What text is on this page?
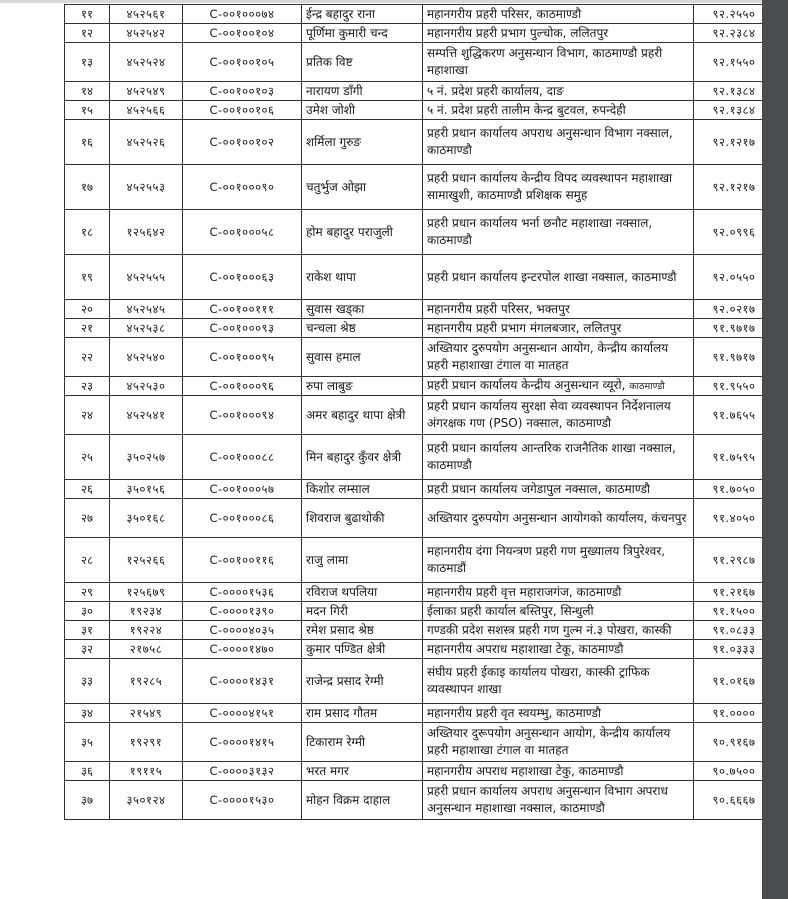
११	४५२५६१	C-००१०००७४	ईन्द्र बहादुर राना	महानगरीय प्रहरी परिसर, काठमाण्डौ	९२.२५५०
१२	४५२५४२	C-००१००१०४	पूर्णिमा कुमारी चन्द	महानगरीय प्रहरी प्रभाग पुल्चोक, ललितपुर	९२.२३८४
१३	४५२५२४	C-००१००१०५	प्रतिक विष्ट	सम्पत्ति शुद्धिकरण अनुसन्धान विभाग, काठमाण्डौ प्रहरी महाशाखा	९२.१५५०
१४	४५२५४९	C-००१००१०३	नारायण डाँगी	५ नं. प्रदेश प्रहरी कार्यालय, दाङ	९२.१३८४
१५	४५२५६६	C-००१००१०६	उमेश जोशी	५ नं. प्रदेश प्रहरी तालीम केन्द्र बुटवल, रुपन्देही	९२.१३८४
१६	४५२५२६	C-००१००१०२	शर्मिला गुरुङ	प्रहरी प्रधान कार्यालय अपराध अनुसन्धान विभाग नक्साल, काठमाण्डौ	९२.१२१७
१७	४५२५५३	C-००१०००९०	चतुर्भुज ओझा	प्रहरी प्रधान कार्यालय केन्द्रीय विपद व्यवस्थापन महाशाखा सामाखुशी, काठमाण्डौ प्रशिक्षक समुह	९२.१२१७
१८	१२५६४२	C-००१०००५८	होम बहादुर पराजुली	प्रहरी प्रधान कार्यालय भर्ना छनौट महाशाखा नक्साल, काठमाण्डौ	९२.०९९६
१९	४५२५५५	C-००१०००६३	राकेश थापा	प्रहरी प्रधान कार्यालय इन्टरपोल शाखा नक्साल, काठमाण्डौ	९२.०५५०
२०	४५२५४५	C-००१००१११	सुवास खड्का	महानगरीय प्रहरी परिसर, भक्तपुर	९२.०२१७
२१	४५२५३८	C-००१०००९३	चन्चला श्रेष्ठ	महानगरीय प्रहरी प्रभाग मंगलबजार, ललितपुर	९१.९७१७
२२	४५२५४०	C-००१०००९५	सुवास हमाल	अख्तियार दुरुपयोग अनुसन्धान आयोग, केन्द्रीय कार्यालय प्रहरी महाशाखा टंगाल वा मातहत	९१.९७१७
२३	४५२५३०	C-००१०००९६	रुपा लाबुङ	प्रहरी प्रधान कार्यालय केन्द्रीय अनुसन्धान व्यूरो, काठमाण्डौ	९१.९५५०
२४	४५२५४१	C-००१०००९४	अमर बहादुर थापा क्षेत्री	प्रहरी प्रधान कार्यालय सुरक्षा सेवा व्यवस्थापन निर्देशनालय अंगरक्षक गण (PSO) नक्साल, काठमाण्डौ	९१.७६५५
२५	३५०२५७	C-००१०००८८	मिन बहादुर कुँवर क्षेत्री	प्रहरी प्रधान कार्यालय आन्तरिक राजनैतिक शाखा नक्साल, काठमाण्डौ	९१.७५९५
२६	३५०१५६	C-००१०००५७	किशोर लम्साल	प्रहरी प्रधान कार्यालय जगेडापुल नक्साल, काठमाण्डौ	९१.७०५०
२७	३५०१६८	C-००१०००८६	शिवराज बुढाथोकी	अख्तियार दुरुपयोग अनुसन्धान आयोगको कार्यालय, कंचनपुर	९१.४०५०
२८	१२५२६६	C-००१००११६	राजु लामा	महानगरीय दंगा नियन्त्रण प्रहरी गण मुख्यालय त्रिपुरेश्वर, काठमाडौं	९१.२९८७
२९	१२५६७९	C-००००१५३६	रविराज थपलिया	महानगरीय प्रहरी वृत्त महाराजगंज, काठमाण्डौ	९१.२१६७
३०	१९२३४	C-००००१३९०	मदन गिरी	ईलाका प्रहरी कार्याल बस्तिपुर, सिन्धुली	९१.१५००
३१	१९२२४	C-००००४०३५	रमेश प्रसाद श्रेष्ठ	गण्डकी प्रदेश सशस्त्र प्रहरी गण गुल्म नं.३ पोखरा, कास्की	९१.०८३३
३२	२१७५८	C-००००१४७०	कुमार पण्डित क्षेत्री	महानगरीय अपराध महाशाखा टेकू, काठमाण्डौ	९१.०३३३
३३	१९२८५	C-००००१४३१	राजेन्द्र प्रसाद रेग्मी	संघीय प्रहरी ईकाइ कार्यालय पोखरा, कास्की ट्राफिक व्यवस्थापन शाखा	९१.०१६७
३४	२१५४९	C-००००४१५१	राम प्रसाद गौतम	महानगरीय प्रहरी वृत स्वयम्भु, काठमाण्डौ	९१.००००
३५	१९२९१	C-००००१४१५	टिकाराम रेग्मी	अख्तियार दुरूपयोग अनुसन्धान आयोग, केन्द्रीय कार्यालय प्रहरी महाशाखा टंगाल वा मातहत	९०.९१६७
३६	१९११५	C-००००३१३२	भरत मगर	महानगरीय अपराध महाशाखा टेकु, काठमाण्डौ	९०.७५००
३७	३५०१२४	C-००००१५३०	मोहन विक्रम दाहाल	प्रहरी प्रधान कार्यालय अपराध अनुसन्धान विभाग अपराध अनुसन्धान महाशाखा नक्साल, काठमाण्डौ	९०.६६६७
